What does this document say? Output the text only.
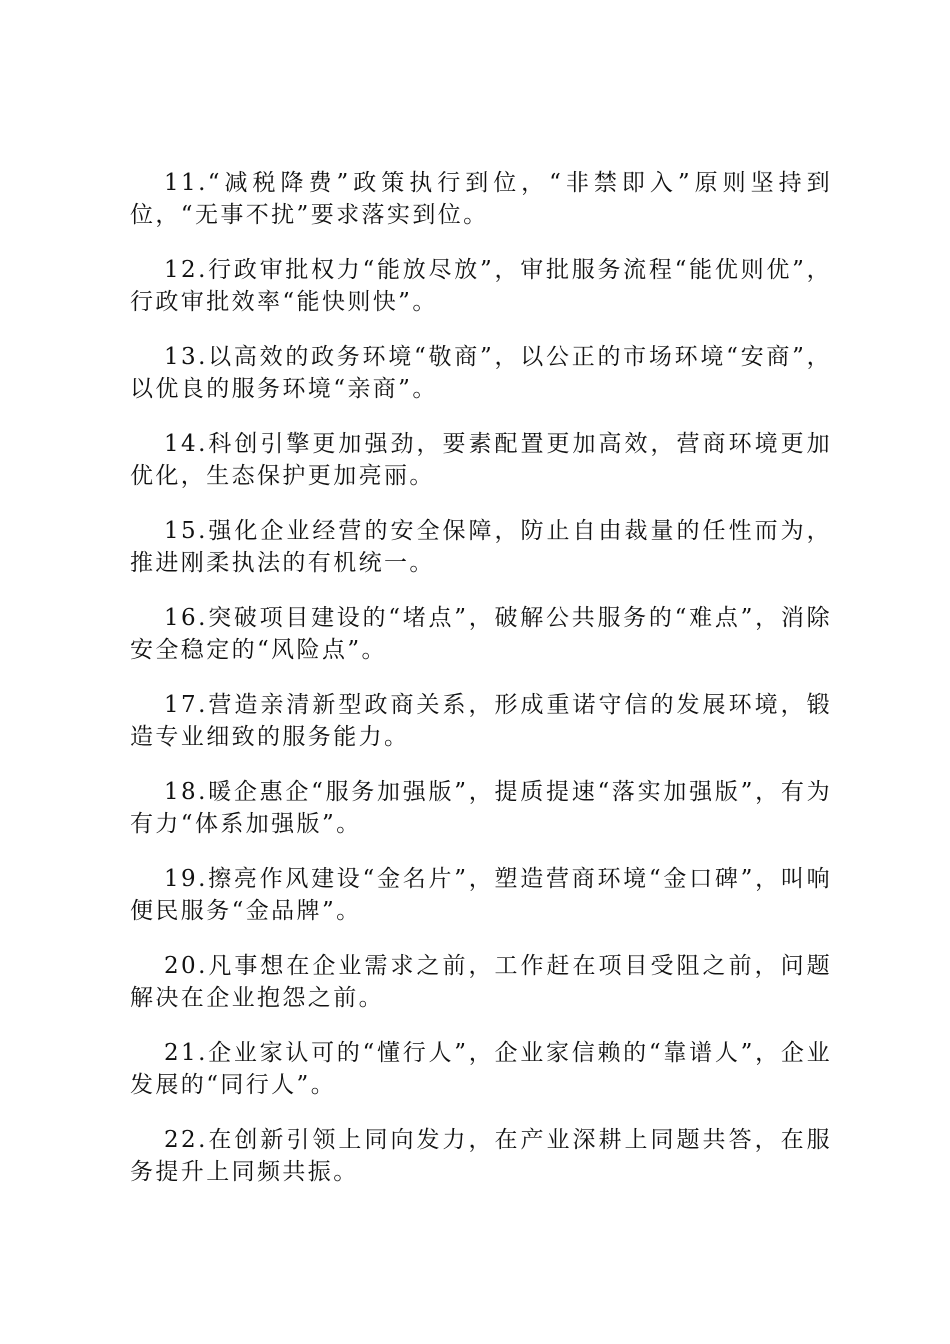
11.“减税降费”政策执行到位，“非禁即入”原则坚持到位，“无事不扰”要求落实到位。

12.行政审批权力“能放尽放”，审批服务流程“能优则优”，行政审批效率“能快则快”。

13.以高效的政务环境“敬商”，以公正的市场环境“安商”，以优良的服务环境“亲商”。

14.科创引擎更加强劲，要素配置更加高效，营商环境更加优化，生态保护更加亮丽。

15.强化企业经营的安全保障，防止自由裁量的任性而为，推进刚柔执法的有机统一。

16.突破项目建设的“堵点”，破解公共服务的“难点”，消除安全稳定的“风险点”。

17.营造亲清新型政商关系，形成重诺守信的发展环境，锻造专业细致的服务能力。

18.暖企惠企“服务加强版”，提质提速“落实加强版”，有为有力“体系加强版”。

19.擦亮作风建设“金名片”，塑造营商环境“金口碑”，叫响便民服务“金品牌”。

20.凡事想在企业需求之前，工作赶在项目受阻之前，问题解决在企业抱怨之前。

21.企业家认可的“懂行人”，企业家信赖的“靠谱人”，企业发展的“同行人”。

22.在创新引领上同向发力，在产业深耕上同题共答，在服务提升上同频共振。
